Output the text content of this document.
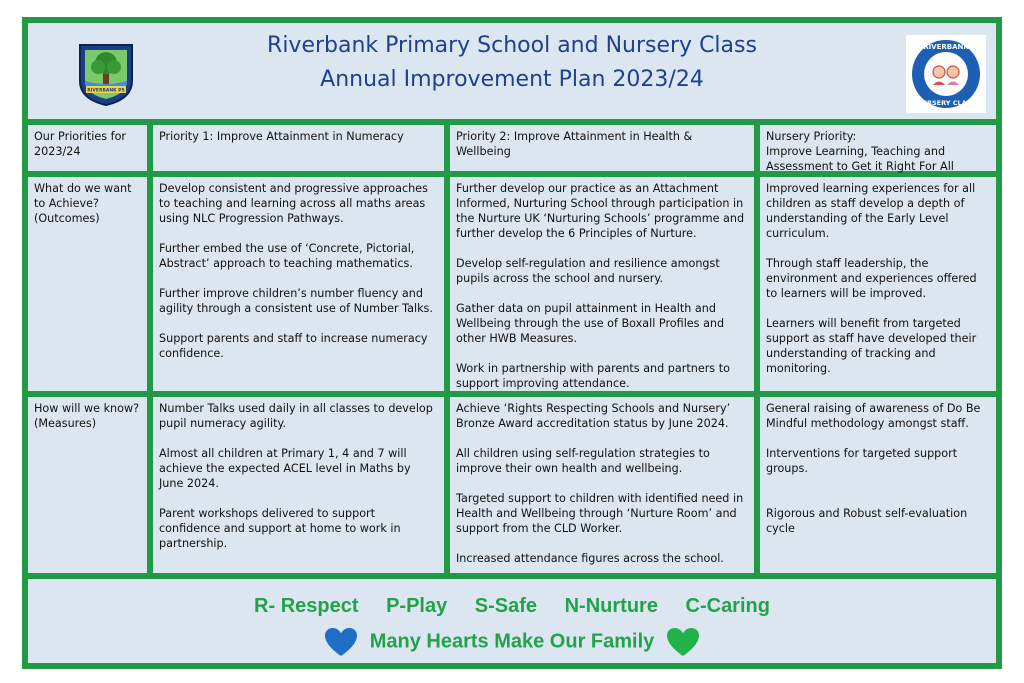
RIVERBANK PS
Riverbank Primary School and Nursery Class
Annual Improvement Plan 2023/24
RIVERBANK
NURSERY CLASS
Our Priorities for 2023/24
Priority 1: Improve Attainment in Numeracy	Priority 2: Improve Attainment in Health & Wellbeing
Nursery Priority:
Improve Learning, Teaching and Assessment to Get it Right For All
What do we want to Achieve? (Outcomes)
Develop consistent and progressive approaches to teaching and learning across all maths areas using NLC Progression Pathways.

Further embed the use of ‘Concrete, Pictorial, Abstract’ approach to teaching mathematics.

Further improve children’s number fluency and agility through a consistent use of Number Talks.

Support parents and staff to increase numeracy confidence.
Further develop our practice as an Attachment Informed, Nurturing School through participation in the Nurture UK ‘Nurturing Schools’ programme and further develop the 6 Principles of Nurture.

Develop self-regulation and resilience amongst pupils across the school and nursery.

Gather data on pupil attainment in Health and Wellbeing through the use of Boxall Profiles and other HWB Measures.

Work in partnership with parents and partners to support improving attendance.
Improved learning experiences for all children as staff develop a depth of understanding of the Early Level curriculum.

Through staff leadership, the environment and experiences offered to learners will be improved.

Learners will benefit from targeted support as staff have developed their understanding of tracking and monitoring.
How will we know? (Measures)
Number Talks used daily in all classes to develop pupil numeracy agility.

Almost all children at Primary 1, 4 and 7 will achieve the expected ACEL level in Maths by June 2024.

Parent workshops delivered to support confidence and support at home to work in partnership.
Achieve ‘Rights Respecting Schools and Nursery’ Bronze Award accreditation status by June 2024.

All children using self-regulation strategies to improve their own health and wellbeing.

Targeted support to children with identified need in Health and Wellbeing through ‘Nurture Room’ and support from the CLD Worker.

Increased attendance figures across the school.
General raising of awareness of Do Be Mindful methodology amongst staff.

Interventions for targeted support groups.

Rigorous and Robust self-evaluation cycle
R- Respect P-Play S-Safe N-Nurture C-Caring
Many Hearts Make Our Family
